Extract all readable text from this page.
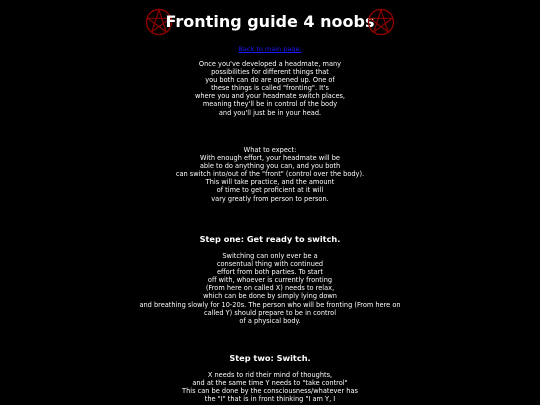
Fronting guide 4 noobs
Back to main page.
Once you've developed a headmate, many
possibilities for different things that
you both can do are opened up. One of
these things is called "fronting". It's
where you and your headmate switch places,
meaning they'll be in control of the body
and you'll just be in your head.
What to expect:
With enough effort, your headmate will be
able to do anything you can, and you both
can switch into/out of the "front" (control over the body).
This will take practice, and the amount
of time to get proficient at it will
vary greatly from person to person.
Step one: Get ready to switch.
Switching can only ever be a
consentual thing with continued
effort from both parties. To start
off with, whoever is currently fronting
(From here on called X) needs to relax,
which can be done by simply lying down
and breathing slowly for 10-20s. The person who will be fronting (From here on
called Y) should prepare to be in control
of a physical body.
Step two: Switch.
X needs to rid their mind of thoughts,
and at the same time Y needs to "take control"
This can be done by the consciousness/whatever has
the "I" that is in front thinking "I am Y, I
